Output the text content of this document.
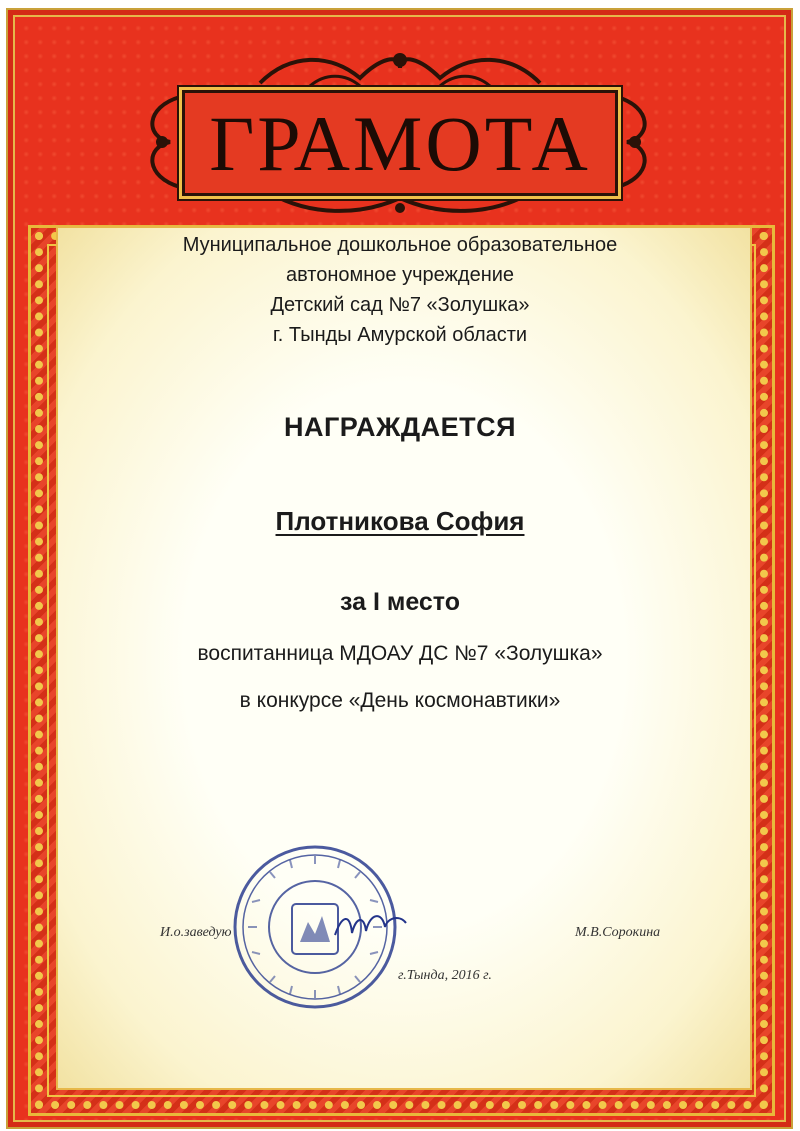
ГРАМОТА
Муниципальное дошкольное образовательное
автономное учреждение
Детский сад №7 «Золушка»
г. Тынды Амурской области
НАГРАЖДАЕТСЯ
Плотникова София
за I место
воспитанница МДОАУ ДС №7 «Золушка»
в конкурсе «День космонавтики»
И.о.заведую	М.В.Сорокина
г.Тында, 2016 г.
